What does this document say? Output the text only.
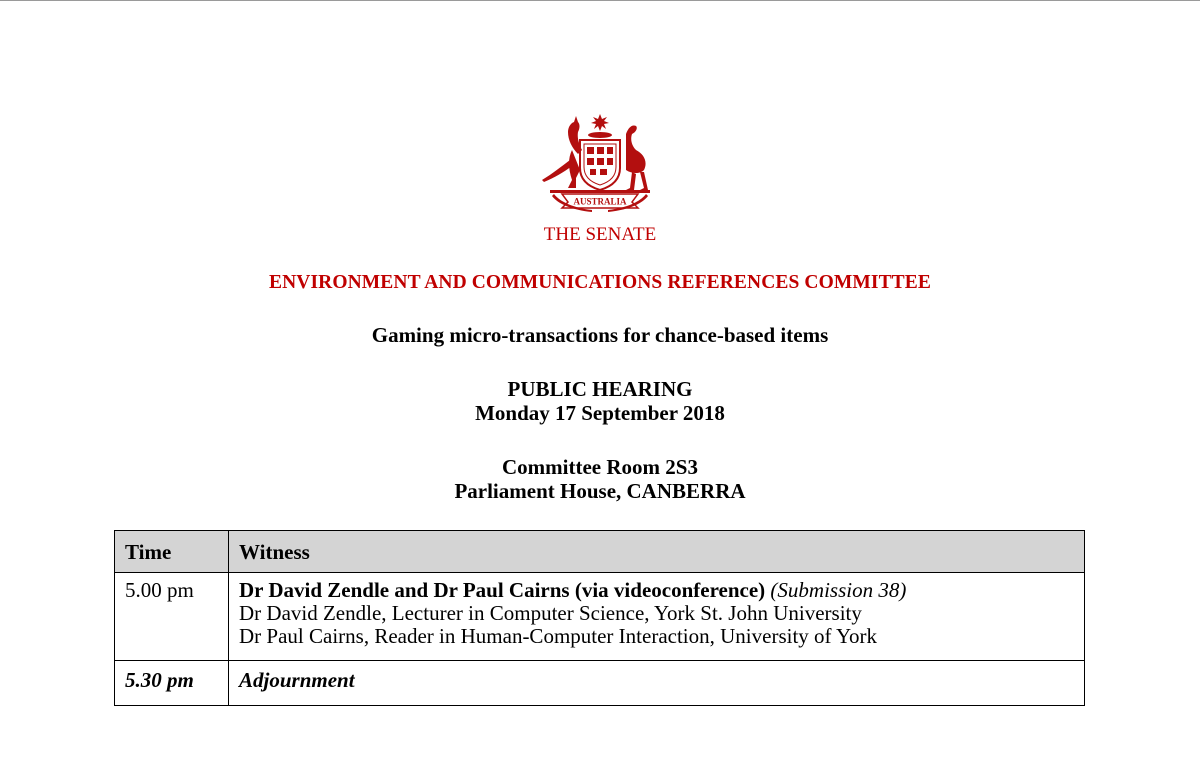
AUSTRALIA
THE SENATE
ENVIRONMENT AND COMMUNICATIONS REFERENCES COMMITTEE
Gaming micro-transactions for chance-based items
PUBLIC HEARING
Monday 17 September 2018
Committee Room 2S3
Parliament House, CANBERRA
Time	Witness
5.00 pm	Dr David Zendle and Dr Paul Cairns (via videoconference) (Submission 38)
Dr David Zendle, Lecturer in Computer Science, York St. John University
Dr Paul Cairns, Reader in Human-Computer Interaction, University of York

5.30 pm	Adjournment
